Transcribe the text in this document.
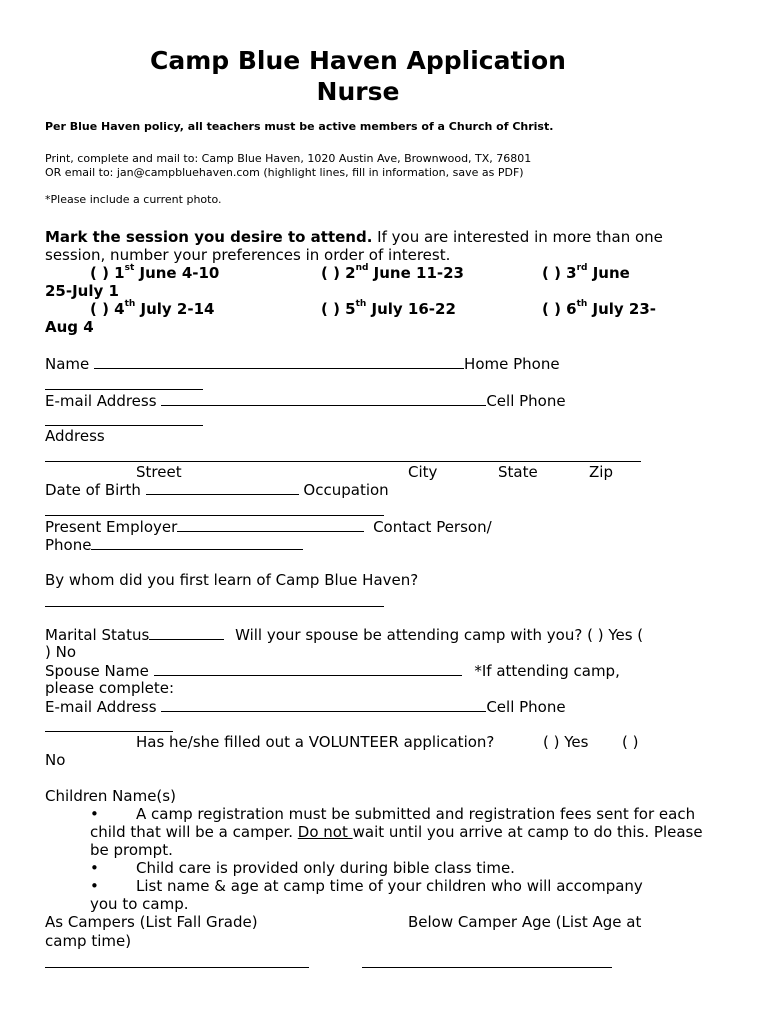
Camp Blue Haven Application
Nurse
Per Blue Haven policy, all teachers must be active members of a Church of Christ.
Print, complete and mail to: Camp Blue Haven, 1020 Austin Ave, Brownwood, TX, 76801
OR email to: jan@campbluehaven.com (highlight lines, fill in information, save as PDF)
*Please include a current photo.
Mark the session you desire to attend. If you are interested in more than one
session, number your preferences in order of interest.
( ) 1st June 4-10	( ) 2nd June 11-23	( ) 3rd June
25-July 1
( ) 4th July 2-14	( ) 5th July 16-22	( ) 6th July 23-
Aug 4
Name	Home Phone
E-mail Address	Cell Phone
Address
Street	City	State	Zip
Date of Birth	Occupation
Present Employer	Contact Person/
Phone
By whom did you first learn of Camp Blue Haven?
Marital Status	Will your spouse be attending camp with you? ( ) Yes (
) No
Spouse Name	*If attending camp,
please complete:
E-mail Address	Cell Phone
Has he/she filled out a VOLUNTEER application?	( ) Yes ( )
No
Children Name(s)
• A camp registration must be submitted and registration fees sent for each
child that will be a camper. Do not wait until you arrive at camp to do this. Please
be prompt.
• Child care is provided only during bible class time.
• List name & age at camp time of your children who will accompany
you to camp.
As Campers (List Fall Grade)	Below Camper Age (List Age at
camp time)
